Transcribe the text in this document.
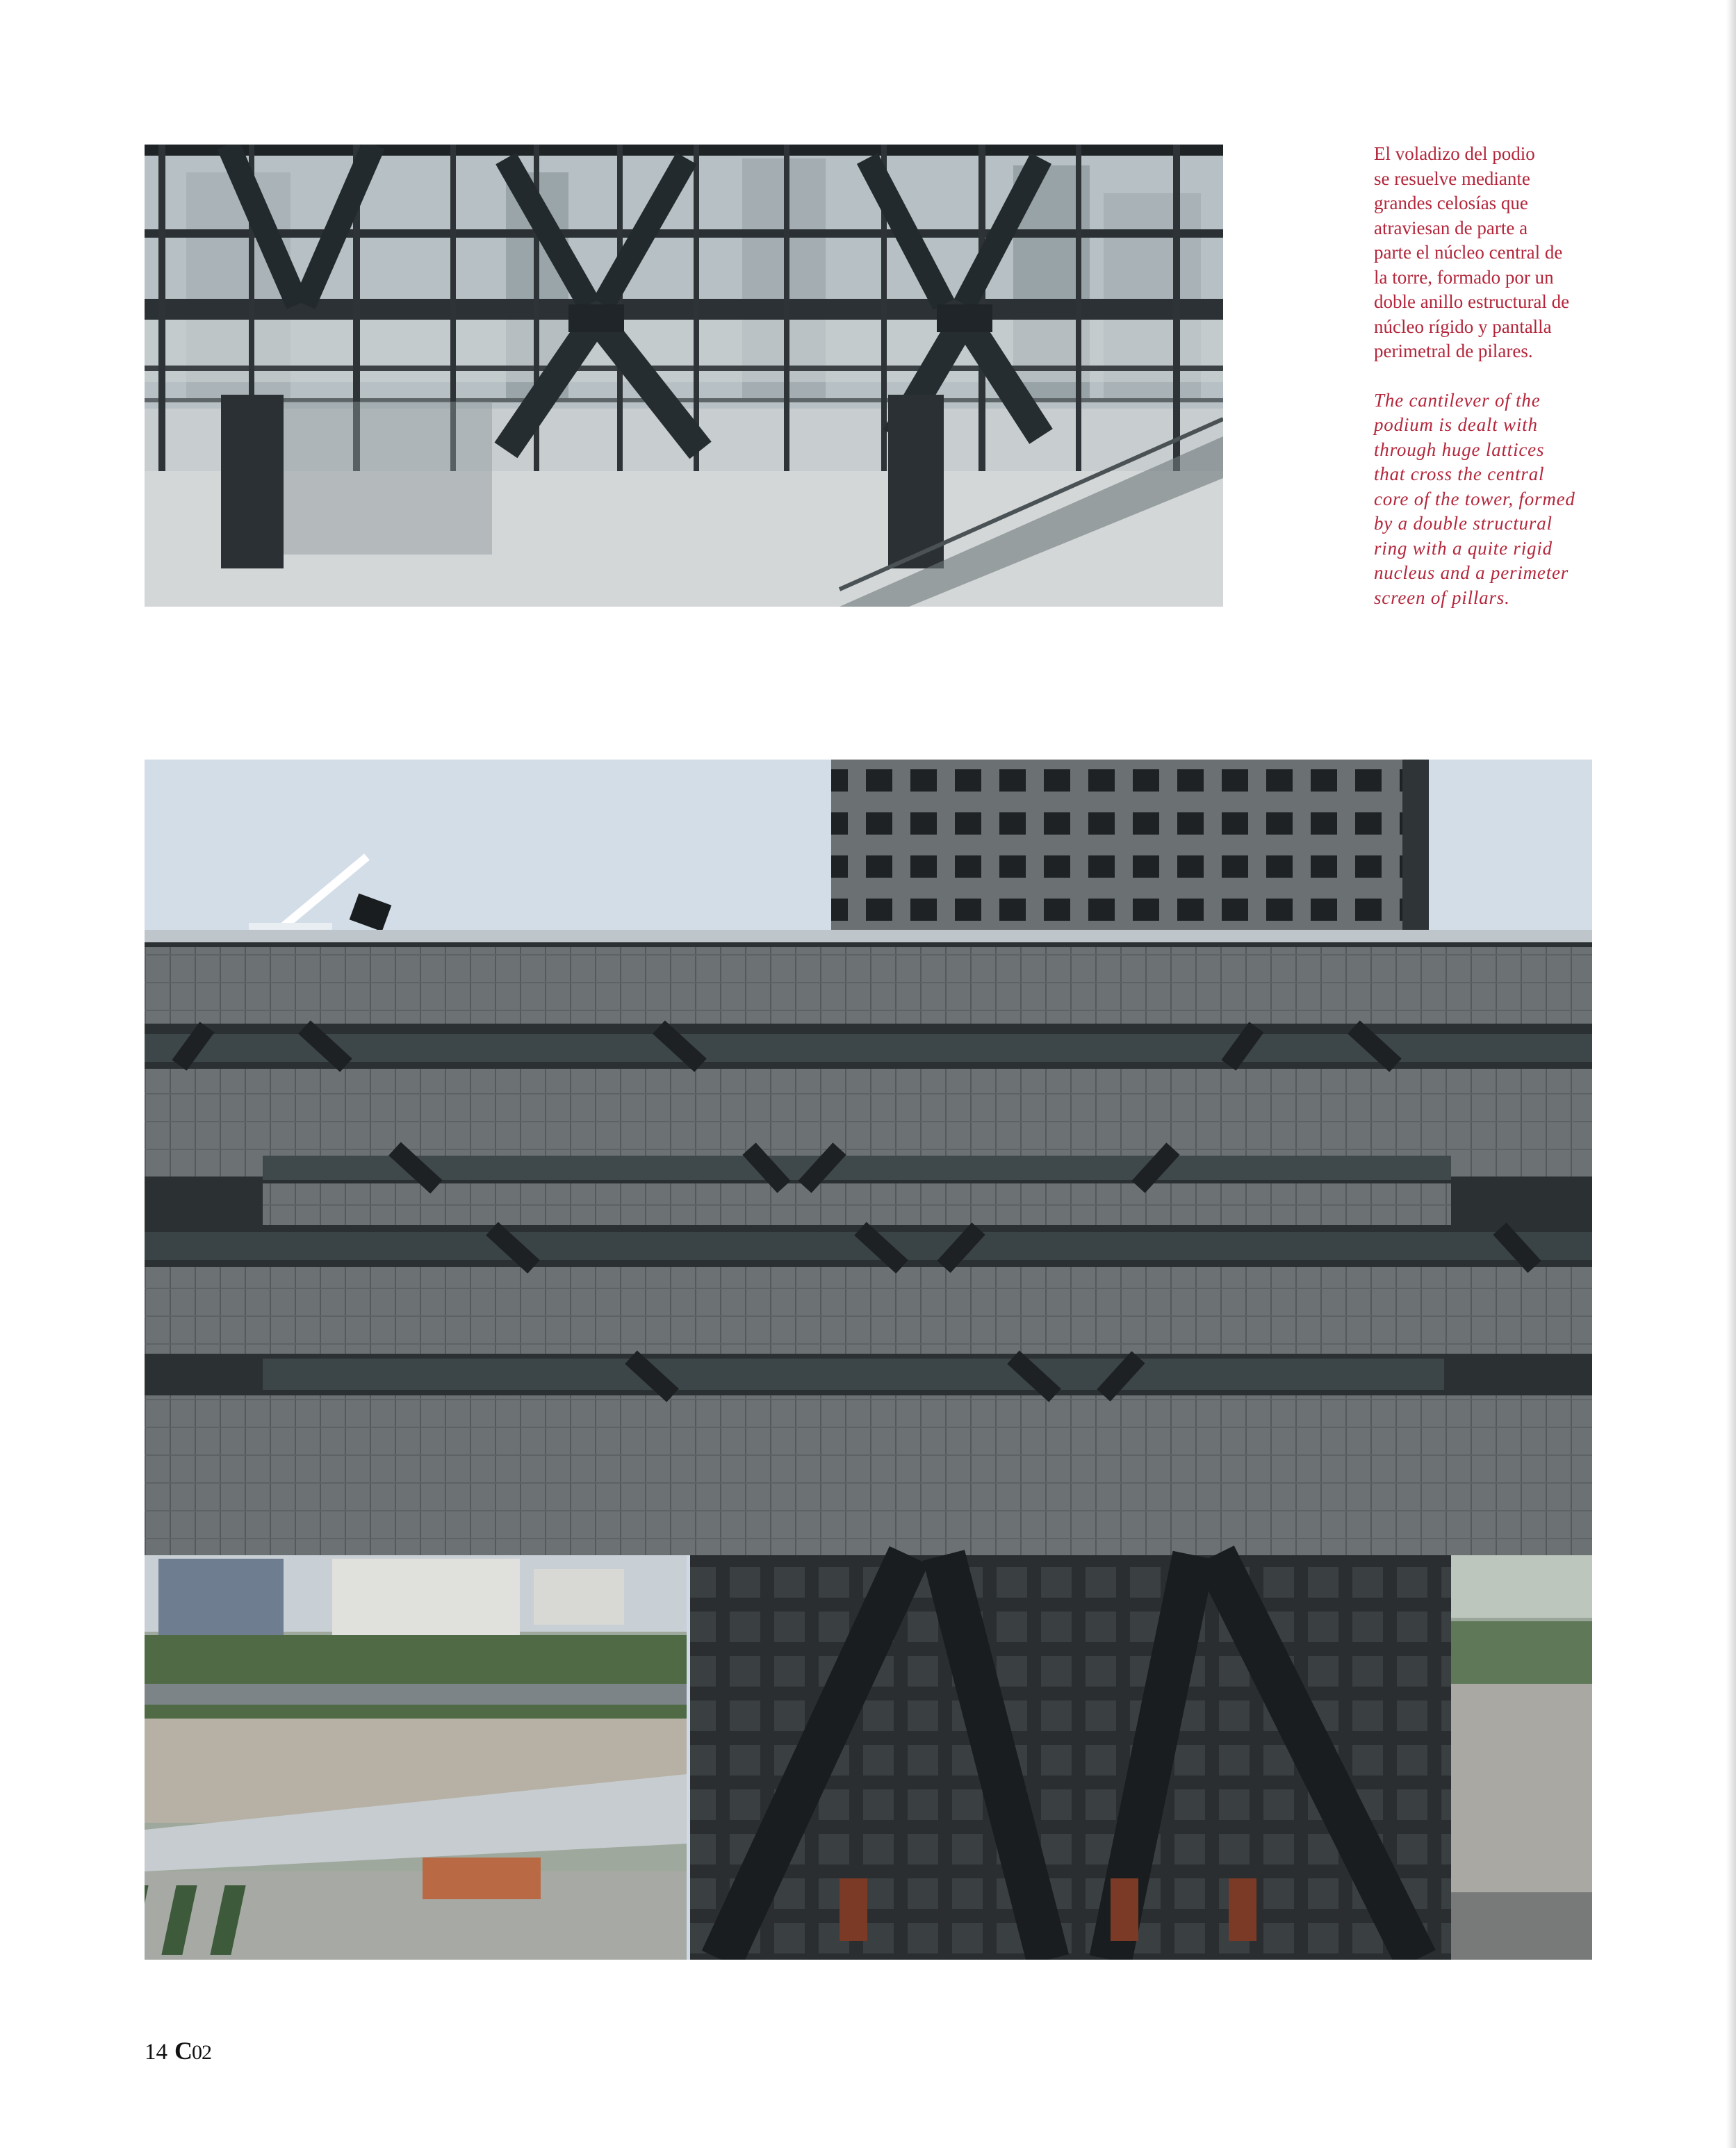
El voladizo del podio
se resuelve mediante
grandes celosías que
atraviesan de parte a
parte el núcleo central de
la torre, formado por un
doble anillo estructural de
núcleo rígido y pantalla
perimetral de pilares.

The cantilever of the
podium is dealt with
through huge lattices
that cross the central
core of the tower, formed
by a double structural
ring with a quite rigid
nucleus and a perimeter
screen of pillars.

14 C02
